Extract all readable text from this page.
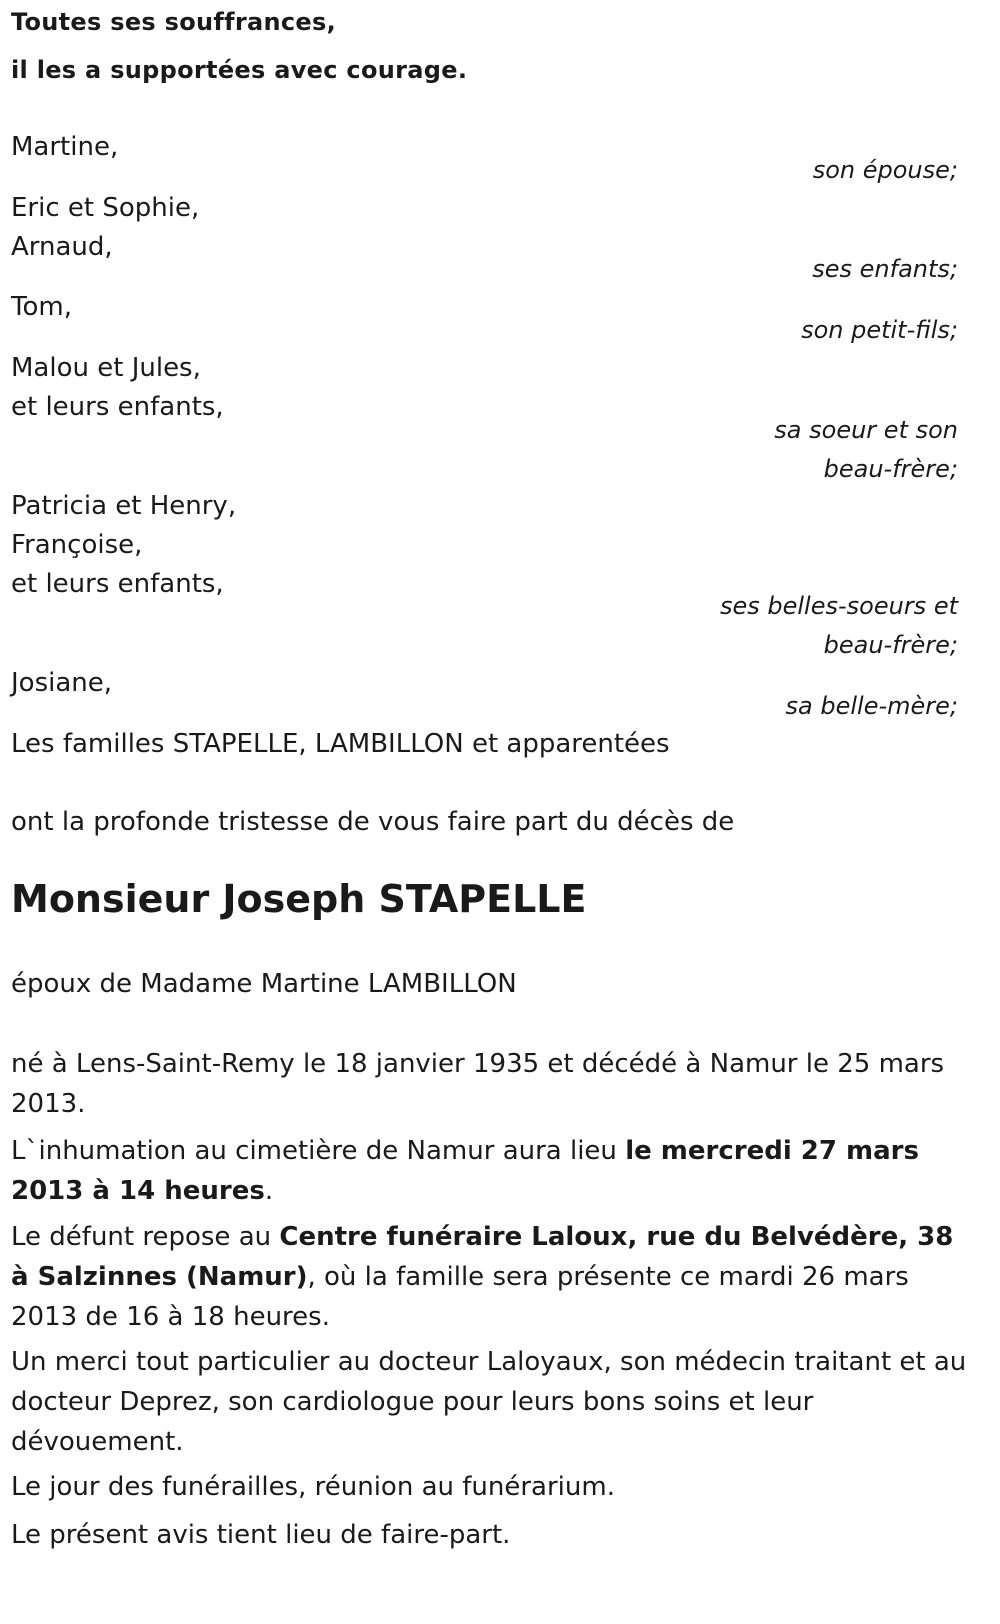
Toutes ses souffrances,
il les a supportées avec courage.
Martine,
son épouse;
Eric et Sophie,
Arnaud,
ses enfants;
Tom,
son petit-fils;
Malou et Jules,
et leurs enfants,
sa soeur et son
beau-frère;
Patricia et Henry,
Françoise,
et leurs enfants,
ses belles-soeurs et
beau-frère;
Josiane,
sa belle-mère;
Les familles STAPELLE, LAMBILLON et apparentées
ont la profonde tristesse de vous faire part du décès de
Monsieur Joseph STAPELLE
époux de Madame Martine LAMBILLON
né à Lens-Saint-Remy le 18 janvier 1935 et décédé à Namur le 25 mars 2013.
L`inhumation au cimetière de Namur aura lieu le mercredi 27 mars 2013 à 14 heures.
Le défunt repose au Centre funéraire Laloux, rue du Belvédère, 38 à Salzinnes (Namur), où la famille sera présente ce mardi 26 mars 2013 de 16 à 18 heures.
Un merci tout particulier au docteur Laloyaux, son médecin traitant et au docteur Deprez, son cardiologue pour leurs bons soins et leur dévouement.
Le jour des funérailles, réunion au funérarium.
Le présent avis tient lieu de faire-part.
